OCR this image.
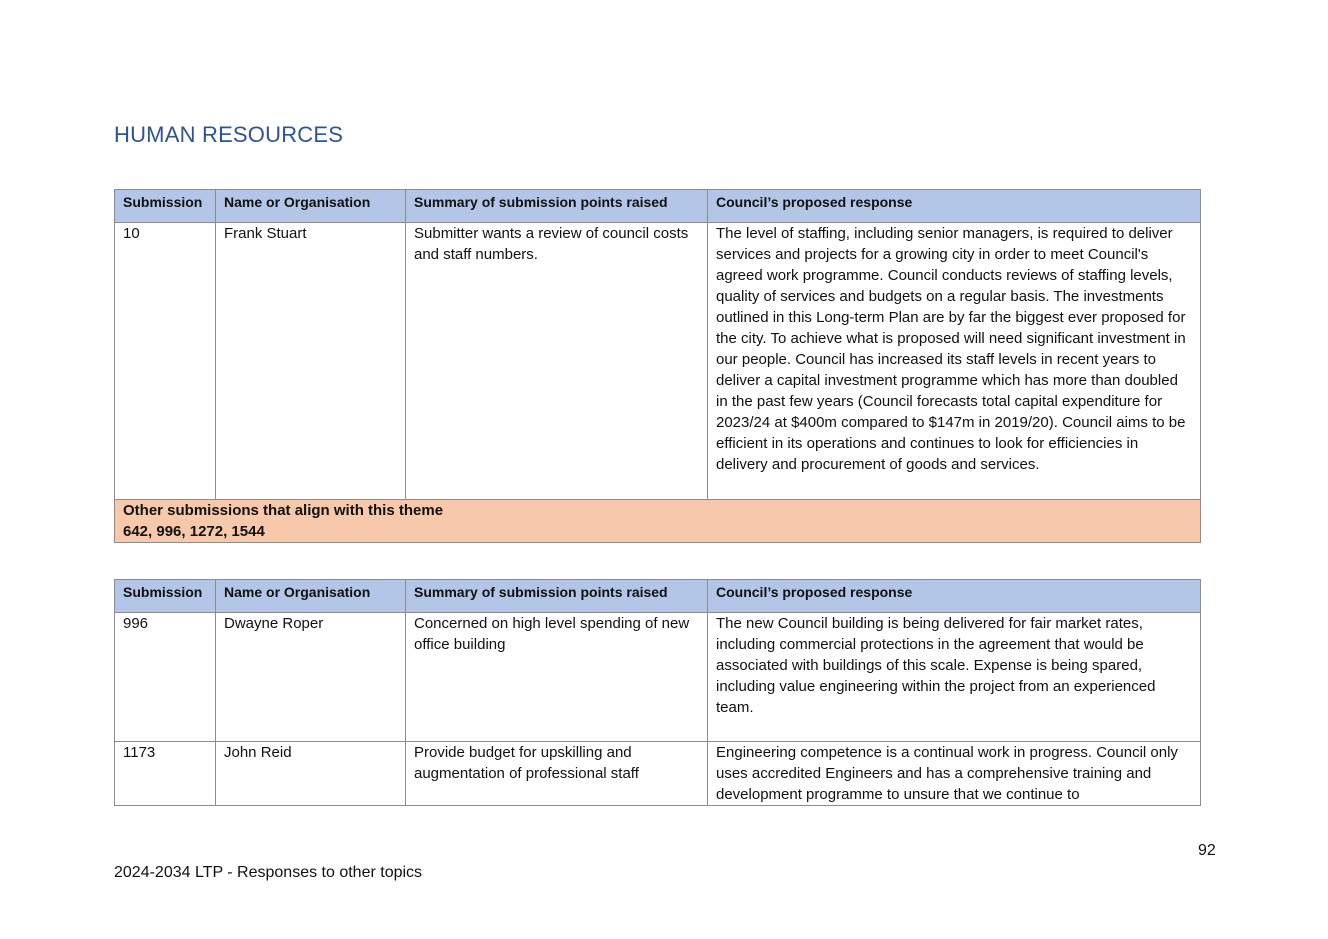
HUMAN RESOURCES
Submission	Name or Organisation	Summary of submission points raised	Council’s proposed response
10	Frank Stuart	Submitter wants a review of council costs and staff numbers.	The level of staffing, including senior managers, is required to deliver services and projects for a growing city in order to meet Council's agreed work programme. Council conducts reviews of staffing levels, quality of services and budgets on a regular basis. The investments outlined in this Long-term Plan are by far the biggest ever proposed for the city. To achieve what is proposed will need significant investment in our people. Council has increased its staff levels in recent years to deliver a capital investment programme which has more than doubled in the past few years (Council forecasts total capital expenditure for 2023/24 at $400m compared to $147m in 2019/20). Council aims to be efficient in its operations and continues to look for efficiencies in delivery and procurement of goods and services.

Other submissions that align with this theme
642, 996, 1272, 1544			
Submission	Name or Organisation	Summary of submission points raised	Council’s proposed response
996	Dwayne Roper	Concerned on high level spending of new office building	The new Council building is being delivered for fair market rates, including commercial protections in the agreement that would be associated with buildings of this scale. Expense is being spared, including value engineering within the project from an experienced team.
1173	John Reid	Provide budget for upskilling and augmentation of professional staff	Engineering competence is a continual work in progress. Council only uses accredited Engineers and has a comprehensive training and development programme to unsure that we continue to
92
2024-2034 LTP - Responses to other topics
